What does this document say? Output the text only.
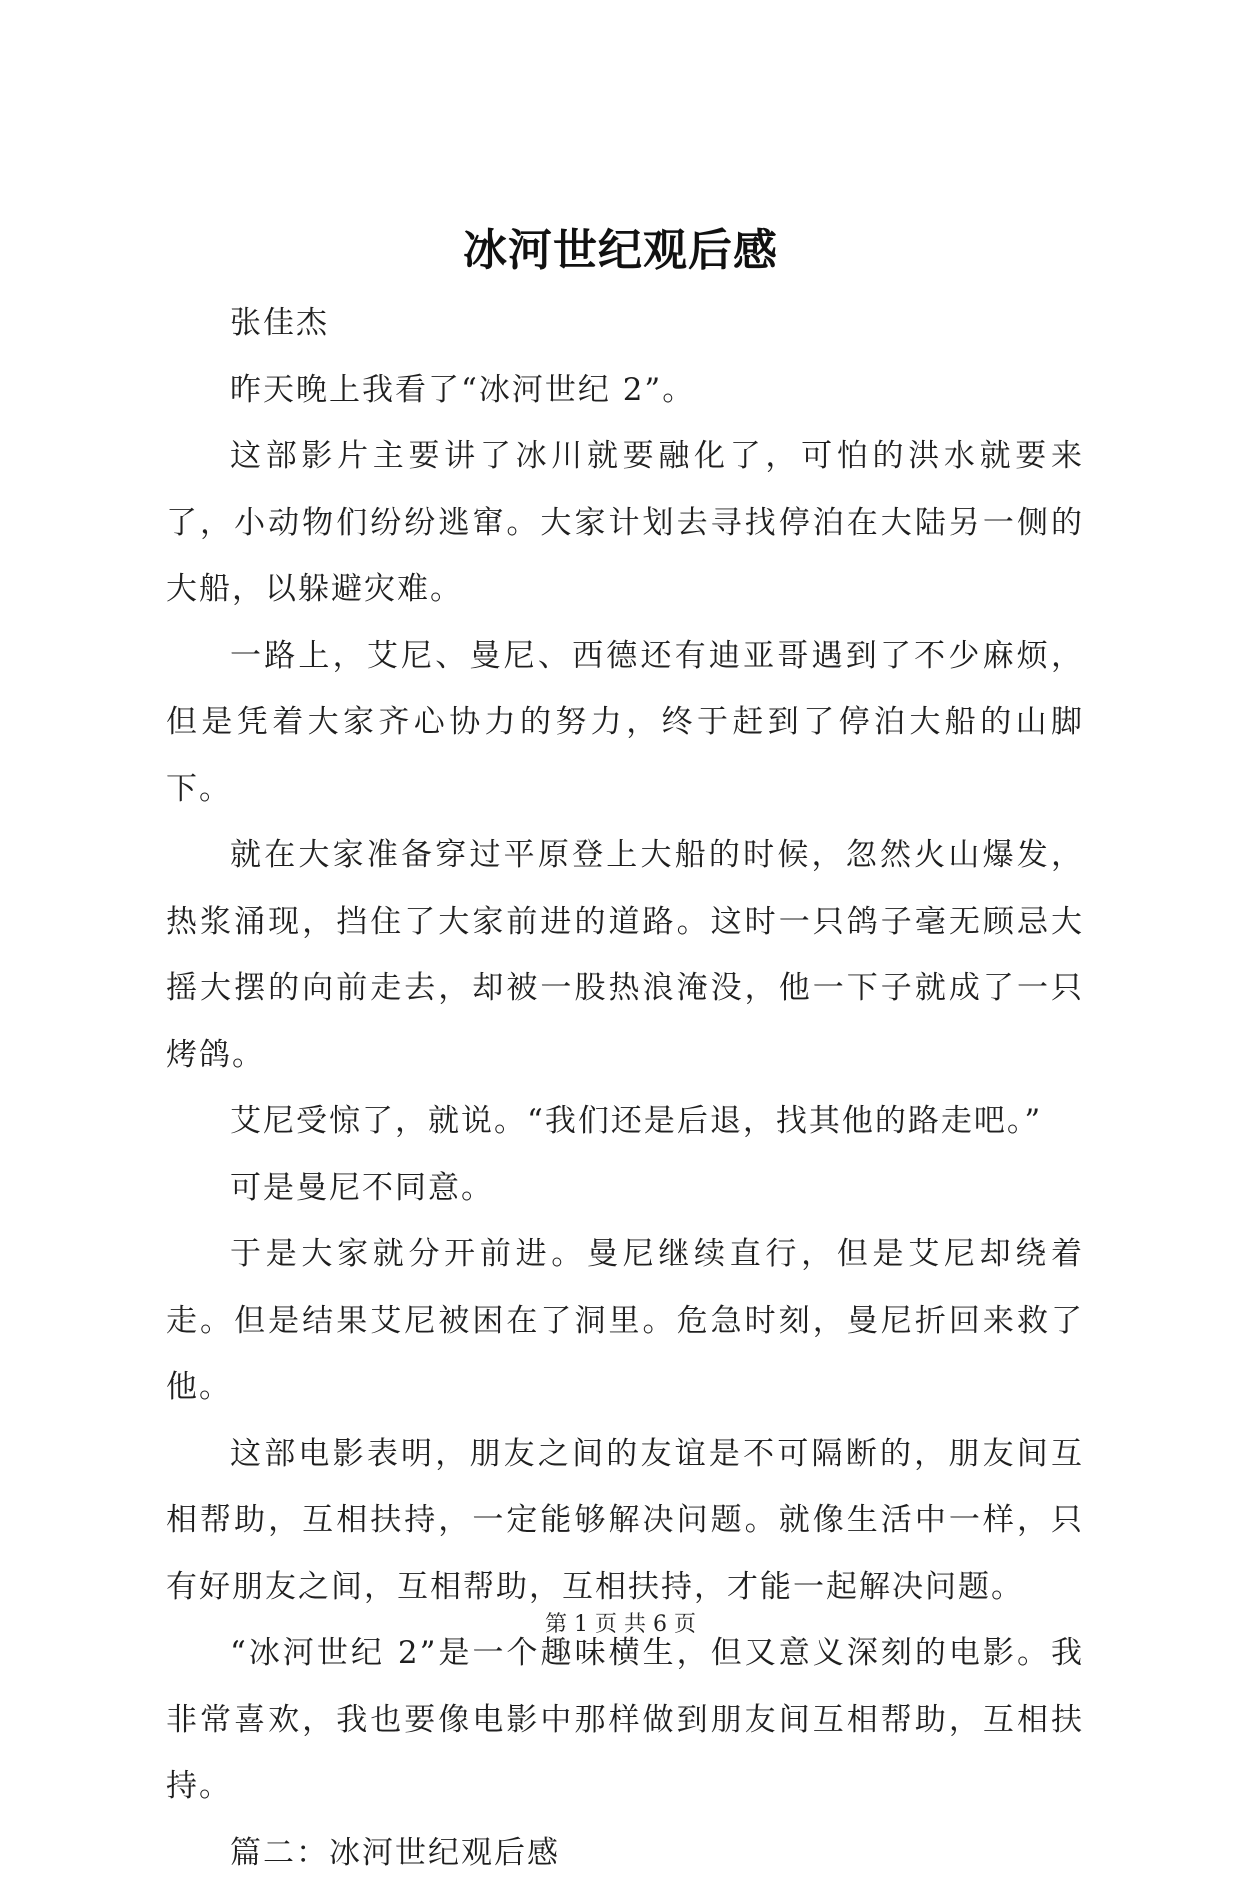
冰河世纪观后感

张佳杰

昨天晚上我看了“冰河世纪 2”。

这部影片主要讲了冰川就要融化了，可怕的洪水就要来了，小动物们纷纷逃窜。大家计划去寻找停泊在大陆另一侧的大船，以躲避灾难。

一路上，艾尼、曼尼、西德还有迪亚哥遇到了不少麻烦，但是凭着大家齐心协力的努力，终于赶到了停泊大船的山脚下。

就在大家准备穿过平原登上大船的时候，忽然火山爆发，热浆涌现，挡住了大家前进的道路。这时一只鸽子毫无顾忌大摇大摆的向前走去，却被一股热浪淹没，他一下子就成了一只烤鸽。

艾尼受惊了，就说。“我们还是后退，找其他的路走吧。”

可是曼尼不同意。

于是大家就分开前进。曼尼继续直行，但是艾尼却绕着走。但是结果艾尼被困在了洞里。危急时刻，曼尼折回来救了他。

这部电影表明，朋友之间的友谊是不可隔断的，朋友间互相帮助，互相扶持，一定能够解决问题。就像生活中一样，只有好朋友之间，互相帮助，互相扶持，才能一起解决问题。

“冰河世纪 2”是一个趣味横生，但又意义深刻的电影。我非常喜欢，我也要像电影中那样做到朋友间互相帮助，互相扶持。

篇二：冰河世纪观后感

第 1 页 共 6 页
